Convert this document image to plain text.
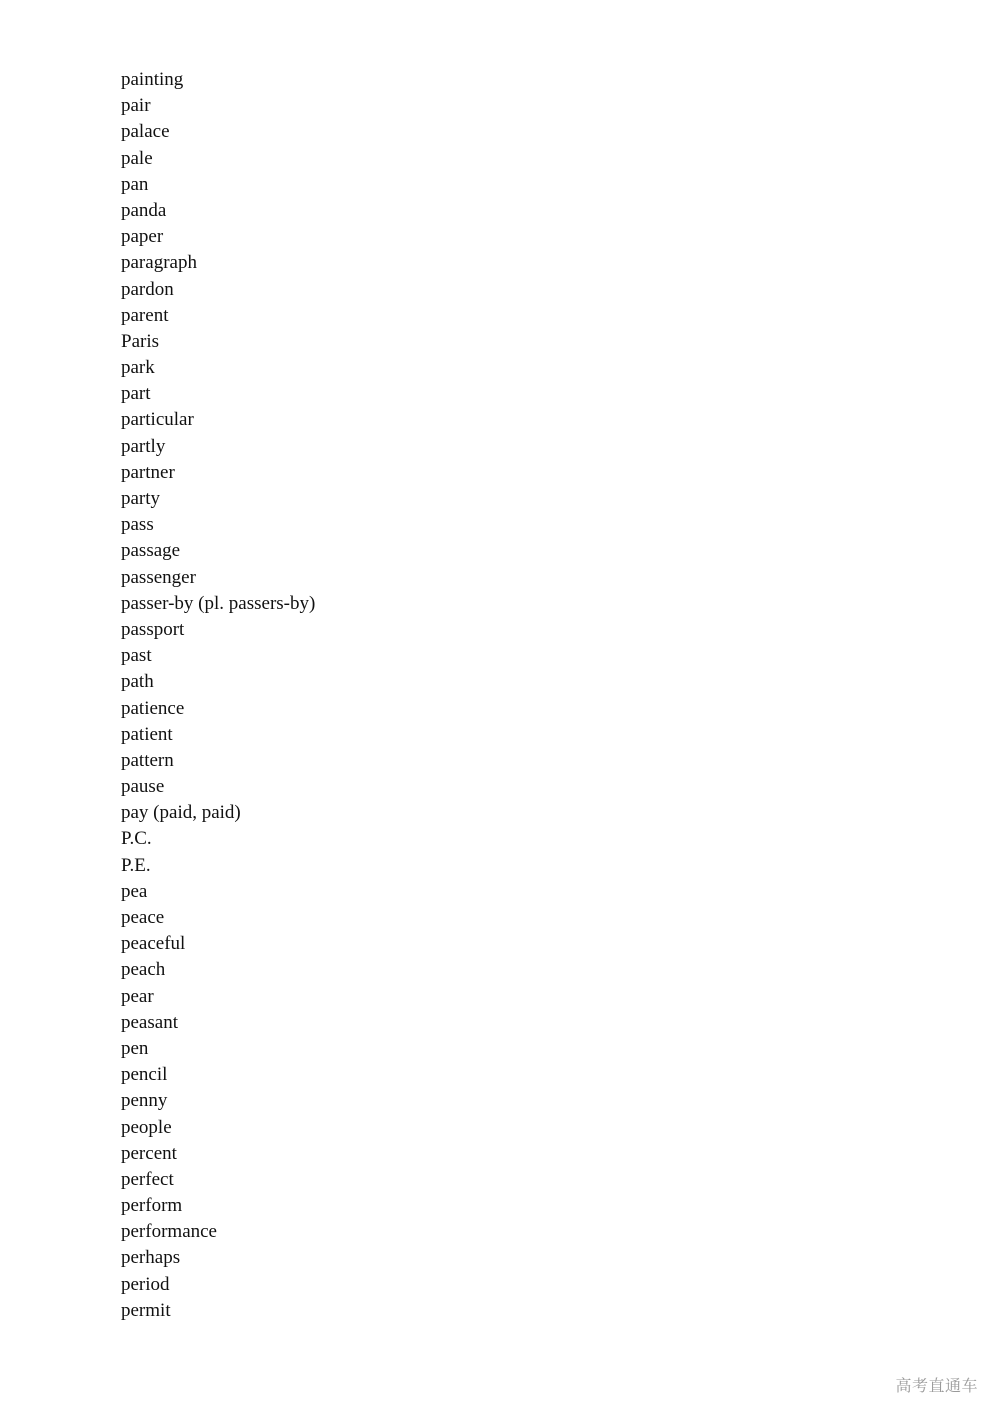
painting
pair
palace
pale
pan
panda
paper
paragraph
pardon
parent
Paris
park
part
particular
partly
partner
party
pass
passage
passenger
passer-by (pl. passers-by)
passport
past
path
patience
patient
pattern
pause
pay (paid, paid)
P.C.
P.E.
pea
peace
peaceful
peach
pear
peasant
pen
pencil
penny
people
percent
perfect
perform
performance
perhaps
period
permit
高考直通车
